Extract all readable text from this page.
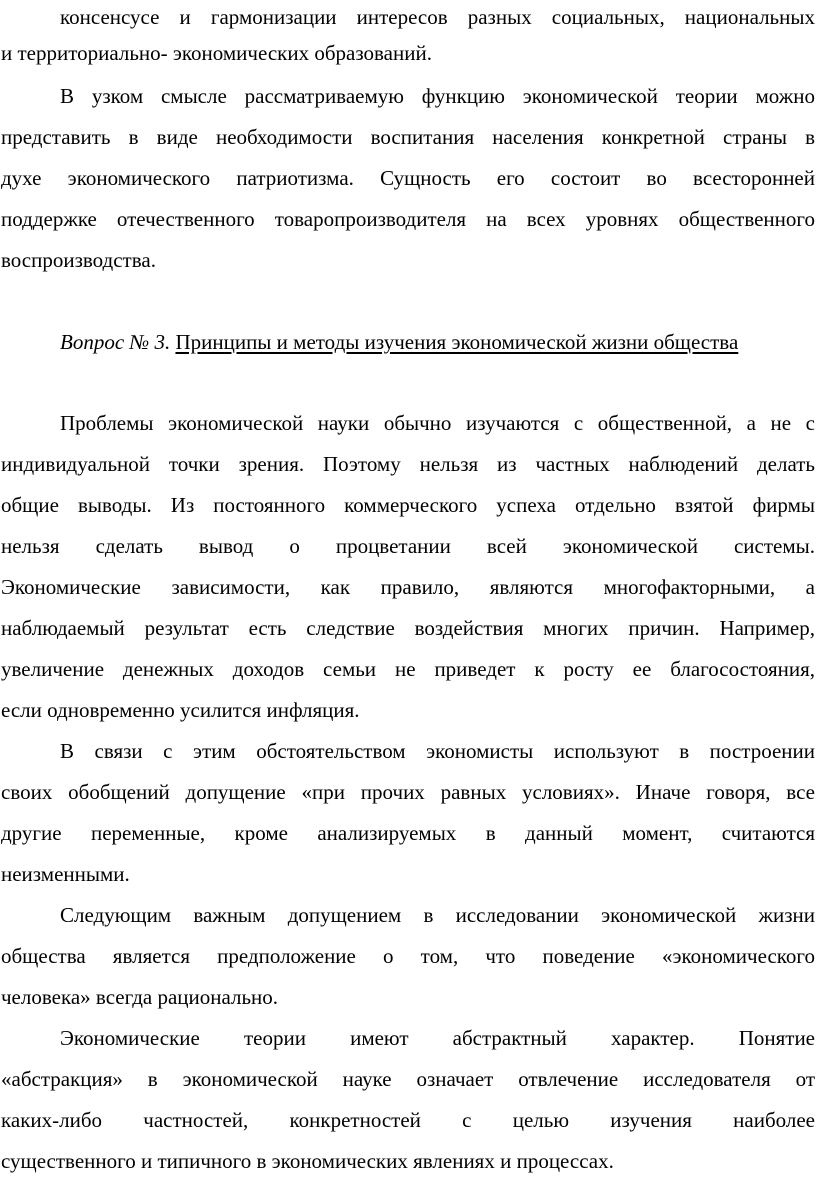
консенсусе и гармонизации интересов разных социальных, национальных
и территориально- экономических образований.
В узком смысле рассматриваемую функцию экономической теории можно
представить в виде необходимости воспитания населения конкретной страны в
духе экономического патриотизма. Сущность его состоит во всесторонней
поддержке отечественного товаропроизводителя на всех уровнях общественного
воспроизводства.
Вопрос № 3. Принципы и методы изучения экономической жизни общества
Проблемы экономической науки обычно изучаются с общественной, а не с
индивидуальной точки зрения. Поэтому нельзя из частных наблюдений делать
общие выводы. Из постоянного коммерческого успеха отдельно взятой фирмы
нельзя сделать вывод о процветании всей экономической системы.
Экономические зависимости, как правило, являются многофакторными, а
наблюдаемый результат есть следствие воздействия многих причин. Например,
увеличение денежных доходов семьи не приведет к росту ее благосостояния,
если одновременно усилится инфляция.
В связи с этим обстоятельством экономисты используют в построении
своих обобщений допущение «при прочих равных условиях». Иначе говоря, все
другие переменные, кроме анализируемых в данный момент, считаются
неизменными.
Следующим важным допущением в исследовании экономической жизни
общества является предположение о том, что поведение «экономического
человека» всегда рационально.
Экономические теории имеют абстрактный характер. Понятие
«абстракция» в экономической науке означает отвлечение исследователя от
каких-либо частностей, конкретностей с целью изучения наиболее
существенного и типичного в экономических явлениях и процессах.
